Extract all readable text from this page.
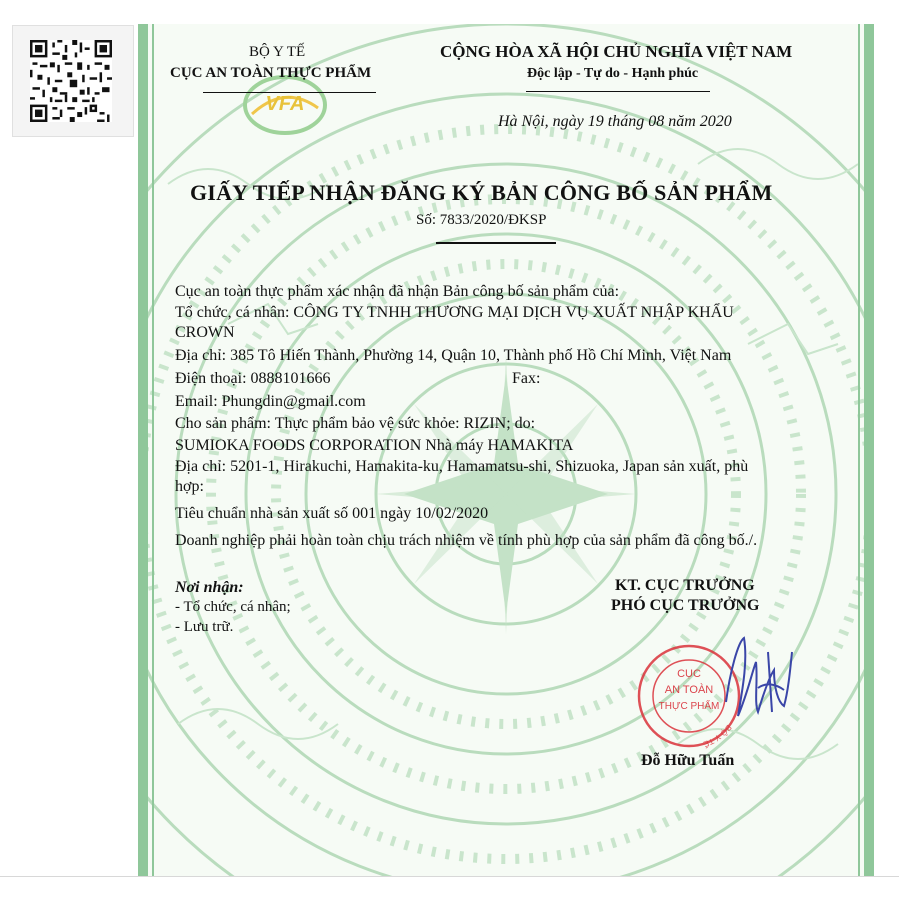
VFA
BỘ Y TẾ
CỤC AN TOÀN THỰC PHẨM
CỘNG HÒA XÃ HỘI CHỦ NGHĨA VIỆT NAM
Độc lập - Tự do - Hạnh phúc
Hà Nội, ngày 19 tháng 08 năm 2020
GIẤY TIẾP NHẬN ĐĂNG KÝ BẢN CÔNG BỐ SẢN PHẨM
Số: 7833/2020/ĐKSP
Cục an toàn thực phẩm xác nhận đã nhận Bản công bố sản phẩm của:
Tổ chức, cá nhân: CÔNG TY TNHH THƯƠNG MẠI DỊCH VỤ XUẤT NHẬP KHẨU
CROWN
Địa chỉ: 385 Tô Hiến Thành, Phường 14, Quận 10, Thành phố Hồ Chí Minh, Việt Nam
Điện thoại: 0888101666	Fax:
Email: Phungdin@gmail.com
Cho sản phẩm: Thực phẩm bảo vệ sức khỏe: RIZIN; do:
SUMIOKA FOODS CORPORATION Nhà máy HAMAKITA
Địa chỉ: 5201-1, Hirakuchi, Hamakita-ku, Hamamatsu-shi, Shizuoka, Japan sản xuất, phù
hợp:
Tiêu chuẩn nhà sản xuất số 001 ngày 10/02/2020
Doanh nghiệp phải hoàn toàn chịu trách nhiệm về tính phù hợp của sản phẩm đã công bố./.
Nơi nhận:
- Tổ chức, cá nhân;
- Lưu trữ.
KT. CỤC TRƯỞNG
PHÓ CỤC TRƯỞNG
BỘ Y TẾ
CỤC
AN TOÀN
THỰC PHẨM
Đỗ Hữu Tuấn
